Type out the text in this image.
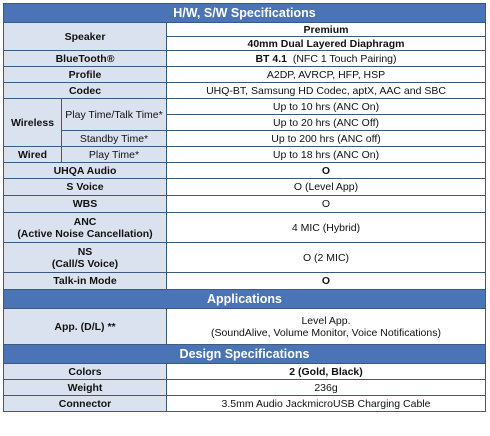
H/W, S/W Specifications		
Speaker		Premium
		40mm Dual Layered Diaphragm
BlueTooth®		BT 4.1 (NFC 1 Touch Pairing)
Profile		A2DP, AVRCP, HFP, HSP
Codec		UHQ-BT, Samsung HD Codec, aptX, AAC and SBC
Wireless	Play Time/Talk Time*	Up to 10 hrs (ANC On)
		Up to 20 hrs (ANC Off)
	Standby Time*	Up to 200 hrs (ANC off)
Wired	Play Time*	Up to 18 hrs (ANC On)
UHQA Audio		O
S Voice		O (Level App)
WBS		O
ANC
(Active Noise Cancellation)		4 MIC (Hybrid)
NS
(Call/S Voice)		O (2 MIC)
Talk-in Mode		O
Applications		
App. (D/L) **		Level App.
(SoundAlive, Volume Monitor, Voice Notifications)
Design Specifications		
Colors		2 (Gold, Black)
Weight		236g
Connector		3.5mm Audio JackmicroUSB Charging Cable
